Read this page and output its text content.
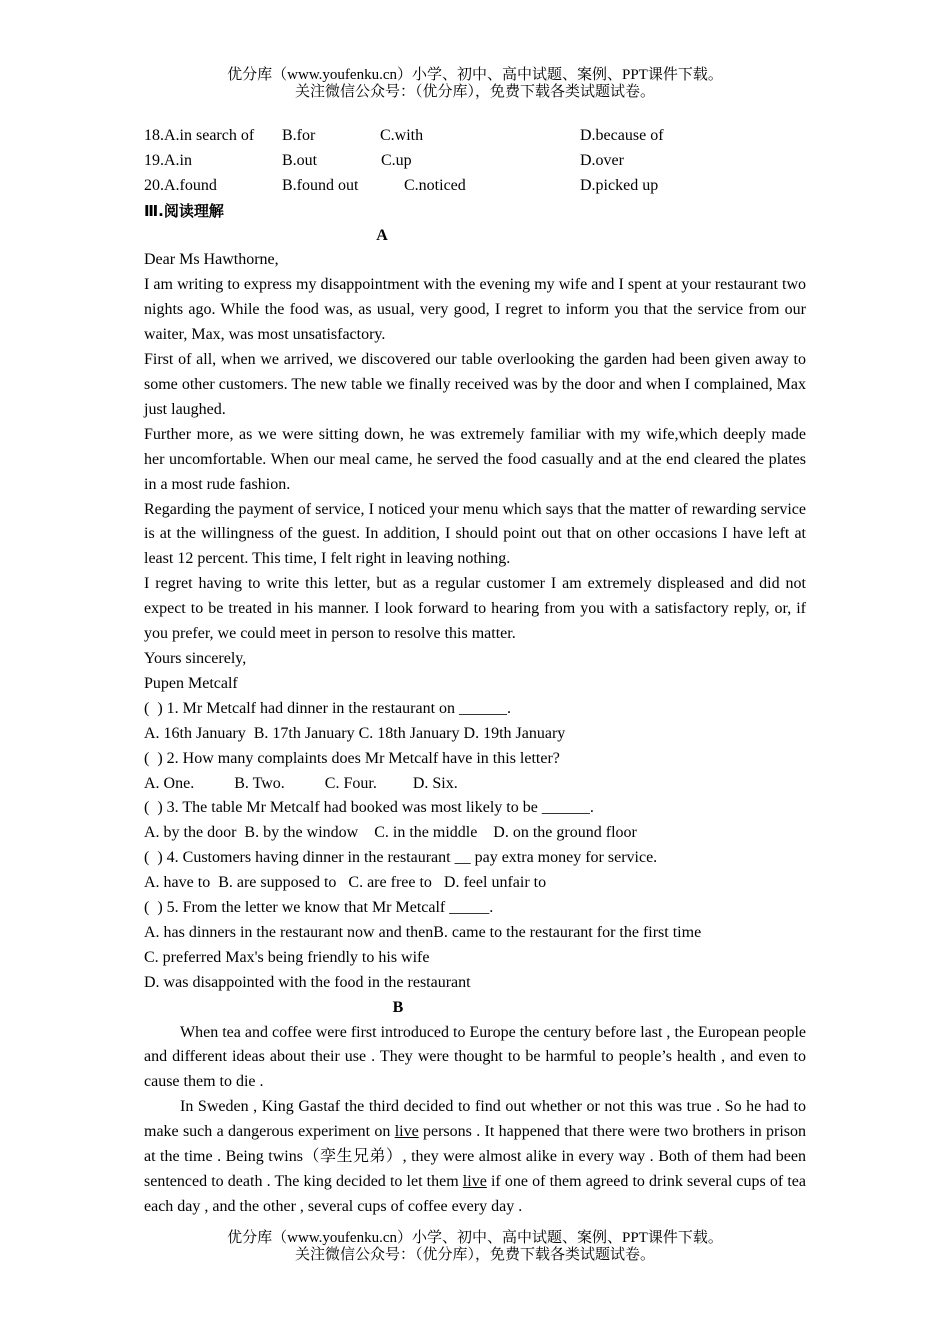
优分库（www.youfenku.cn）小学、初中、高中试题、案例、PPT课件下载。
关注微信公众号：（优分库），免费下载各类试题试卷。
18.A.in search of B.for	C.with	D.because of
19.A.in	B.out	C.up	D.over
20.A.found	B.found out	C.noticed	D.picked up
Ⅲ.阅读理解
A

Dear Ms Hawthorne,

I am writing to express my disappointment with the evening my wife and I spent at your restaurant two nights ago. While the food was, as usual, very good, I regret to inform you that the service from our waiter, Max, was most unsatisfactory.

First of all, when we arrived, we discovered our table overlooking the garden had been given away to some other customers. The new table we finally received was by the door and when I complained, Max just laughed.

Further more, as we were sitting down, he was extremely familiar with my wife,which deeply made her uncomfortable. When our meal came, he served the food casually and at the end cleared the plates in a most rude fashion.

Regarding the payment of service, I noticed your menu which says that the matter of rewarding service is at the willingness of the guest. In addition, I should point out that on other occasions I have left at least 12 percent. This time, I felt right in leaving nothing.

I regret having to write this letter, but as a regular customer I am extremely displeased and did not expect to be treated in his manner. I look forward to hearing from you with a satisfactory reply, or, if you prefer, we could meet in person to resolve this matter.

Yours sincerely,

Pupen Metcalf

(  ) 1. Mr Metcalf had dinner in the restaurant on ______.

A. 16th January  B. 17th January C. 18th January D. 19th January

(  ) 2. How many complaints does Mr Metcalf have in this letter?

A. One.          B. Two.          C. Four.         D. Six.

(  ) 3. The table Mr Metcalf had booked was most likely to be ______.

A. by the door  B. by the window    C. in the middle    D. on the ground floor

(  ) 4. Customers having dinner in the restaurant __ pay extra money for service.

A. have to  B. are supposed to   C. are free to   D. feel unfair to

(  ) 5. From the letter we know that Mr Metcalf _____.

A. has dinners in the restaurant now and thenB. came to the restaurant for the first time

C. preferred Max's being friendly to his wife

D. was disappointed with the food in the restaurant

B

When tea and coffee were first introduced to Europe the century before last , the European people and different ideas about their use . They were thought to be harmful to people’s health , and even to cause them to die .

In Sweden , King Gastaf the third decided to find out whether or not this was true . So he had to make such a dangerous experiment on live persons . It happened that there were two brothers in prison at the time . Being twins（孪生兄弟）, they were almost alike in every way . Both of them had been sentenced to death . The king decided to let them live if one of them agreed to drink several cups of tea each day , and the other , several cups of coffee every day .

优分库（www.youfenku.cn）小学、初中、高中试题、案例、PPT课件下载。
关注微信公众号：（优分库），免费下载各类试题试卷。
